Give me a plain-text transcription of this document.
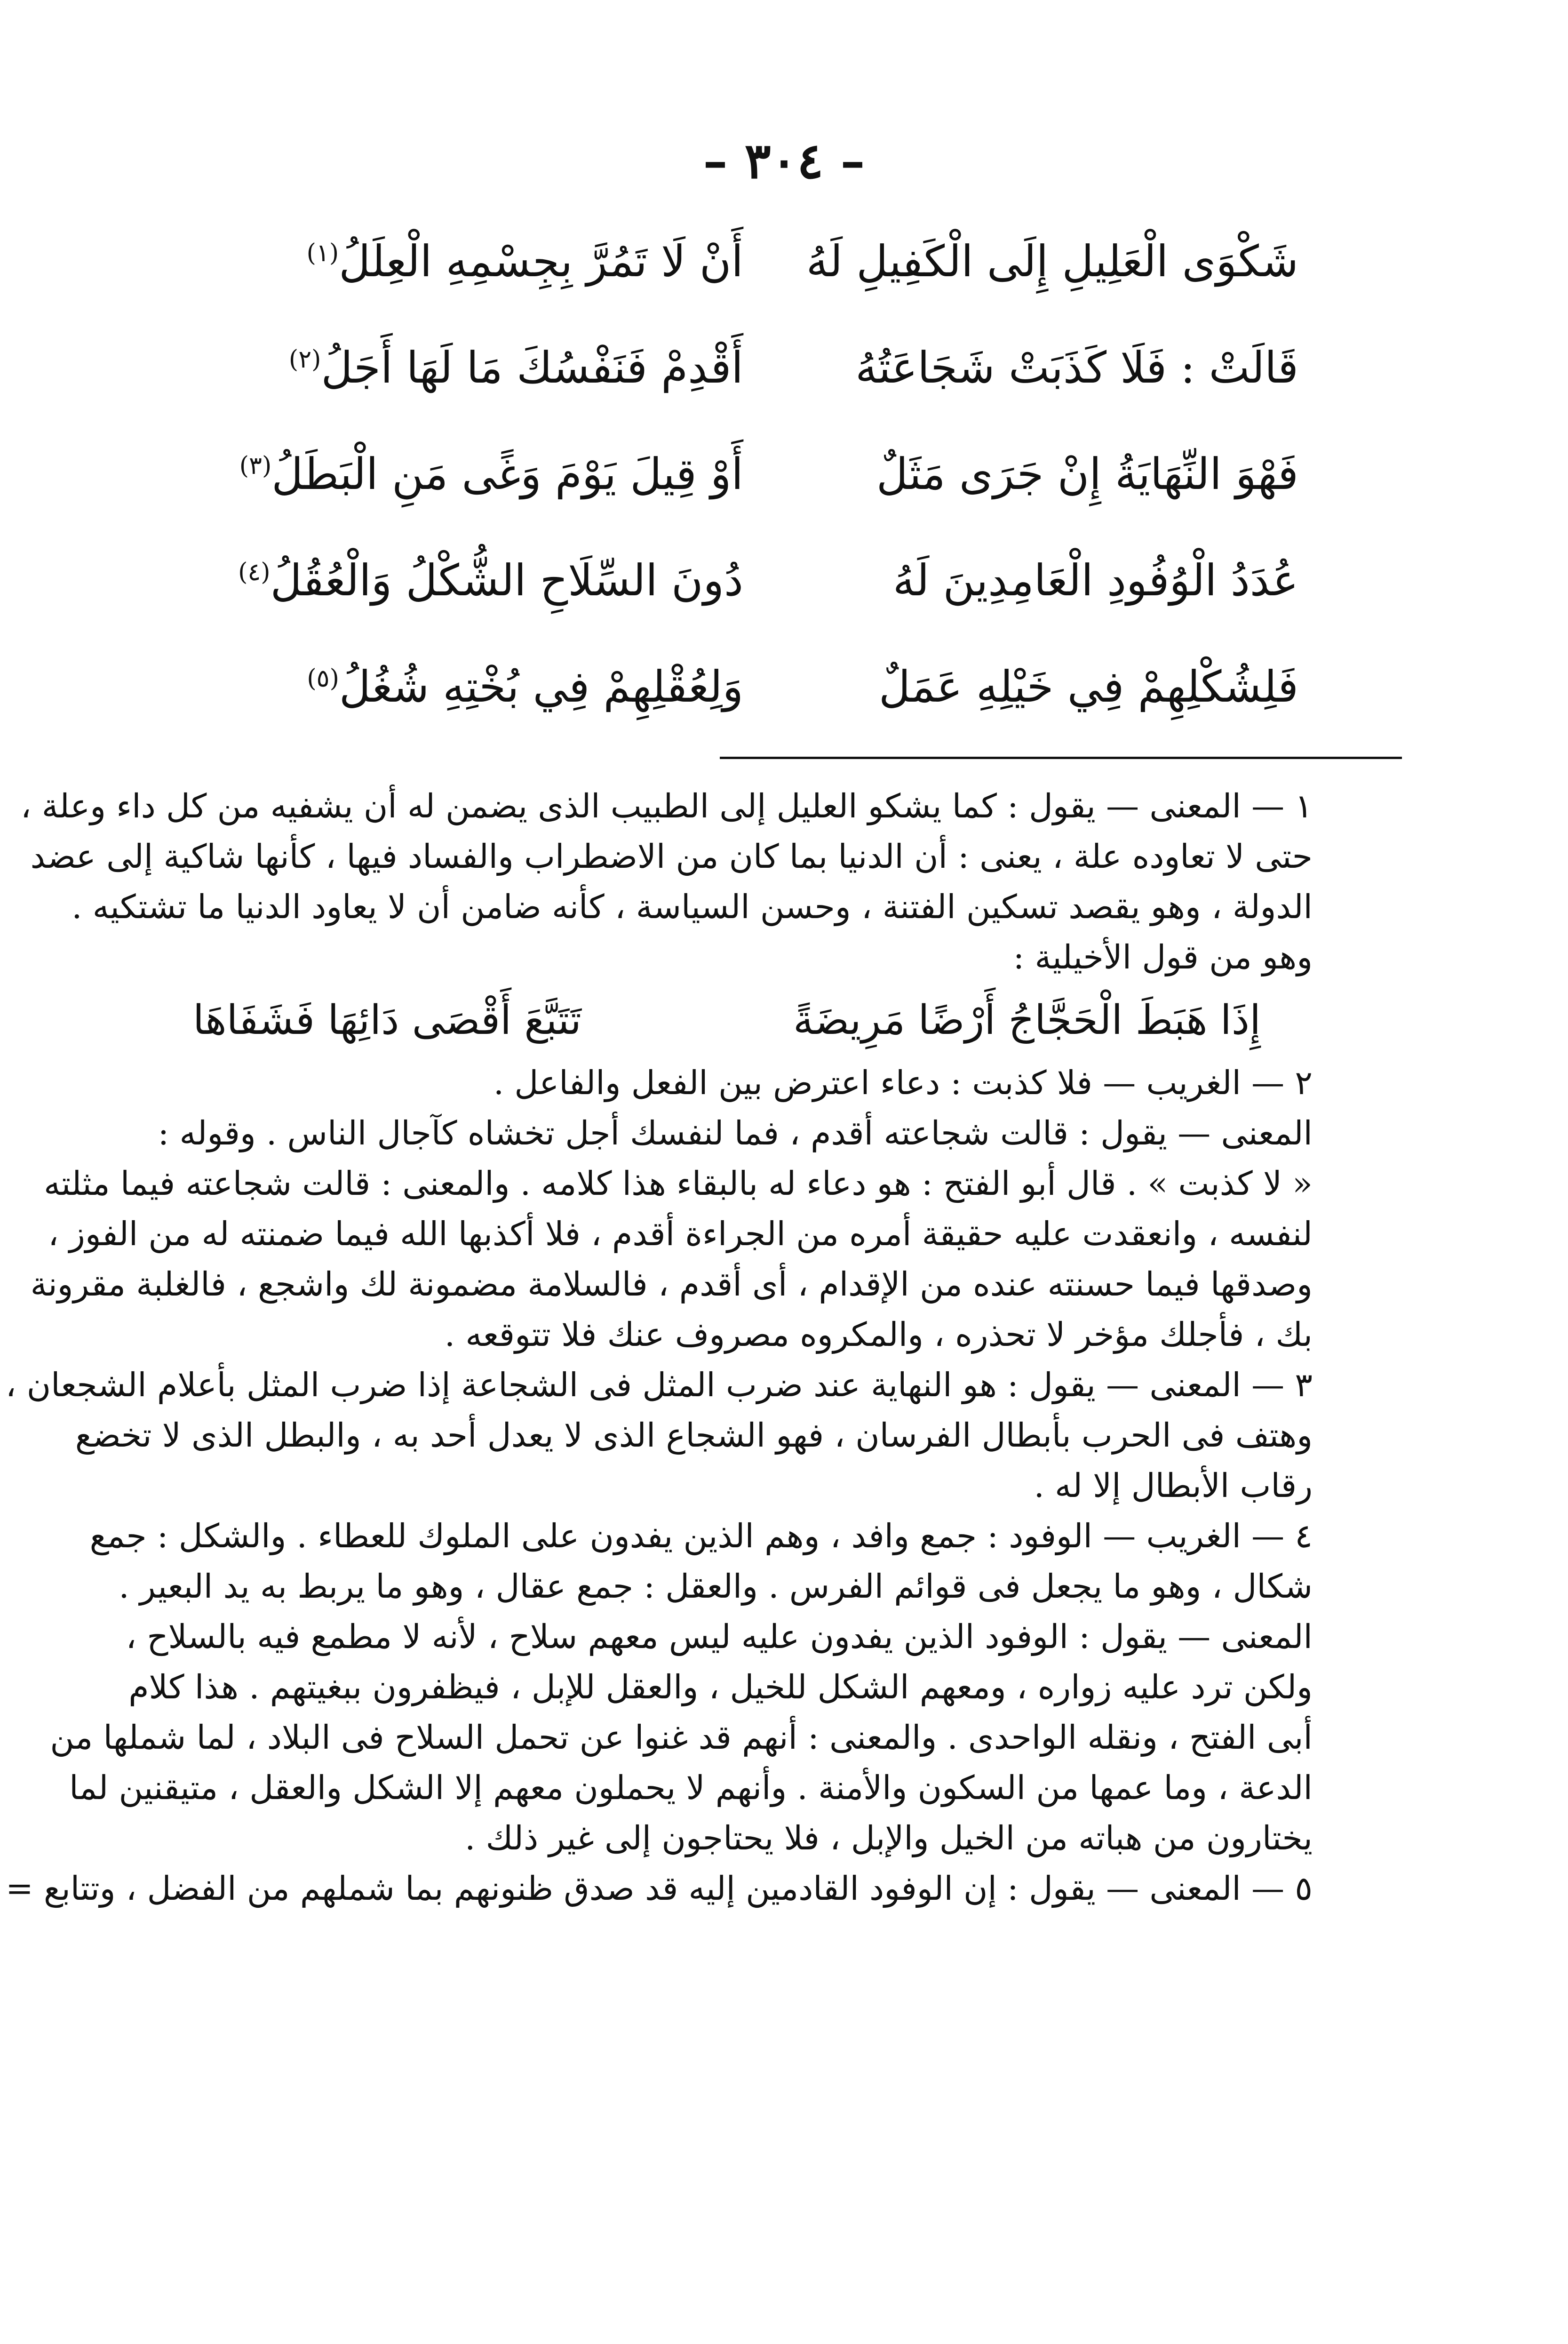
– ٣٠٤ –
شَكْوَى الْعَلِيلِ إِلَى الْكَفِيلِ لَهُ
أَنْ لَا تَمُرَّ بِجِسْمِهِ الْعِلَلُ$^{(١)}$
قَالَتْ : فَلَا كَذَبَتْ شَجَاعَتُهُ
أَقْدِمْ فَنَفْسُكَ مَا لَهَا أَجَلُ$^{(٢)}$
فَهْوَ النِّهَايَةُ إِنْ جَرَى مَثَلٌ
أَوْ قِيلَ يَوْمَ وَغًى مَنِ الْبَطَلُ$^{(٣)}$
عُدَدُ الْوُفُودِ الْعَامِدِينَ لَهُ
دُونَ السِّلَاحِ الشُّكْلُ وَالْعُقُلُ$^{(٤)}$
فَلِشُكْلِهِمْ فِي خَيْلِهِ عَمَلٌ
وَلِعُقْلِهِمْ فِي بُخْتِهِ شُغُلُ$^{(٥)}$
١ — المعنى — يقول : كما يشكو العليل إلى الطبيب الذى يضمن له أن يشفيه من كل داء وعلة ،
حتى لا تعاوده علة ، يعنى : أن الدنيا بما كان من الاضطراب والفساد فيها ، كأنها شاكية إلى عضد
الدولة ، وهو يقصد تسكين الفتنة ، وحسن السياسة ، كأنه ضامن أن لا يعاود الدنيا ما تشتكيه .
وهو من قول الأخيلية :
إِذَا هَبَطَ الْحَجَّاجُ أَرْضًا مَرِيضَةً
تَتَبَّعَ أَقْصَى دَائِهَا فَشَفَاهَا
٢ — الغريب — فلا كذبت : دعاء اعترض بين الفعل والفاعل .
المعنى — يقول : قالت شجاعته أقدم ، فما لنفسك أجل تخشاه كآجال الناس . وقوله :
« لا كذبت » . قال أبو الفتح : هو دعاء له بالبقاء هذا كلامه . والمعنى : قالت شجاعته فيما مثلته
لنفسه ، وانعقدت عليه حقيقة أمره من الجراءة أقدم ، فلا أكذبها الله فيما ضمنته له من الفوز ،
وصدقها فيما حسنته عنده من الإقدام ، أى أقدم ، فالسلامة مضمونة لك واشجع ، فالغلبة مقرونة
بك ، فأجلك مؤخر لا تحذره ، والمكروه مصروف عنك فلا تتوقعه .
٣ — المعنى — يقول : هو النهاية عند ضرب المثل فى الشجاعة إذا ضرب المثل بأعلام الشجعان ،
وهتف فى الحرب بأبطال الفرسان ، فهو الشجاع الذى لا يعدل أحد به ، والبطل الذى لا تخضع
رقاب الأبطال إلا له .
٤ — الغريب — الوفود : جمع وافد ، وهم الذين يفدون على الملوك للعطاء . والشكل : جمع
شكال ، وهو ما يجعل فى قوائم الفرس . والعقل : جمع عقال ، وهو ما يربط به يد البعير .
المعنى — يقول : الوفود الذين يفدون عليه ليس معهم سلاح ، لأنه لا مطمع فيه بالسلاح ،
ولكن ترد عليه زواره ، ومعهم الشكل للخيل ، والعقل للإبل ، فيظفرون ببغيتهم . هذا كلام
أبى الفتح ، ونقله الواحدى . والمعنى : أنهم قد غنوا عن تحمل السلاح فى البلاد ، لما شملها من
الدعة ، وما عمها من السكون والأمنة . وأنهم لا يحملون معهم إلا الشكل والعقل ، متيقنين لما
يختارون من هباته من الخيل والإبل ، فلا يحتاجون إلى غير ذلك .
٥ — المعنى — يقول : إن الوفود القادمين إليه قد صدق ظنونهم بما شملهم من الفضل ، وتتابع =
